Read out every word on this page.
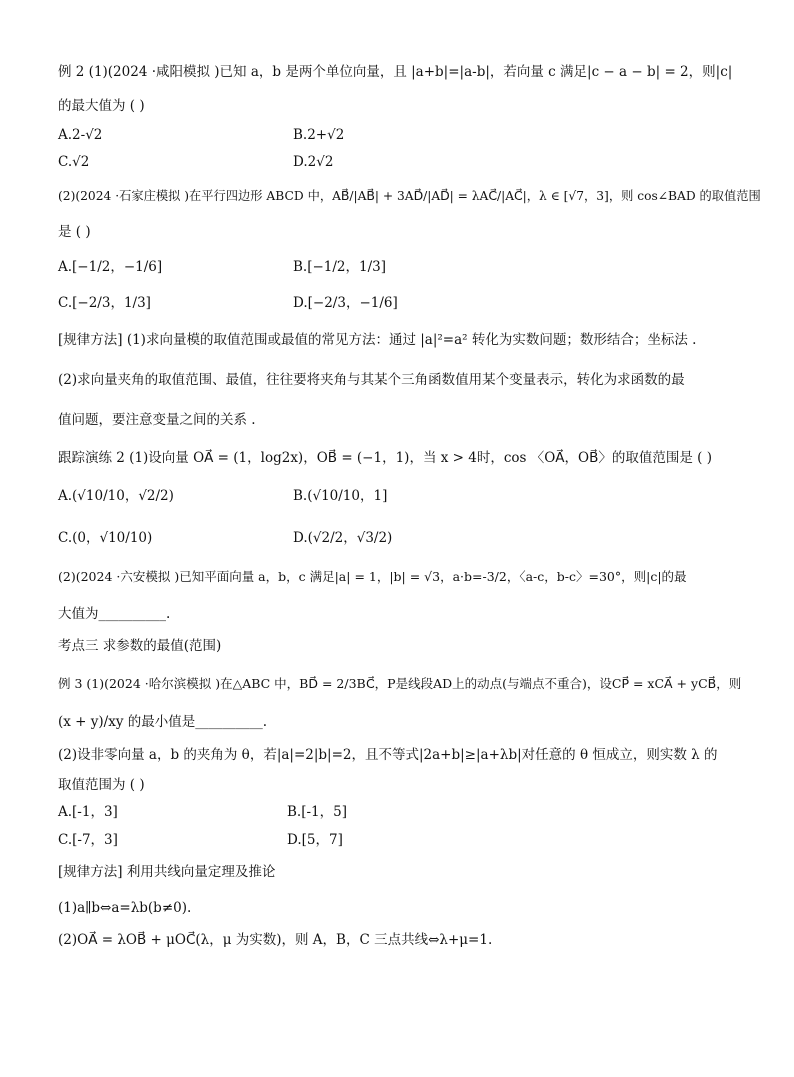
例 2 (1)(2024 ·咸阳模拟 )已知 a，b 是两个单位向量，且 |a+b|=|a-b|，若向量 c 满足|c − a − b| = 2，则|c|
的最大值为 ( )
A.2-√2	B.2+√2
C.√2	D.2√2
(2)(2024 ·石家庄模拟 )在平行四边形 ABCD 中，AB⃗/|AB⃗| + 3AD⃗/|AD⃗| = λAC⃗/|AC⃗|，λ ∈ [√7，3]，则 cos∠BAD 的取值范围
是 ( )
A.[−1/2，−1/6]	B.[−1/2，1/3]
C.[−2/3，1/3]	D.[−2/3，−1/6]
[规律方法] (1)求向量模的取值范围或最值的常见方法：通过 |a|²=a² 转化为实数问题；数形结合；坐标法 .
(2)求向量夹角的取值范围、最值，往往要将夹角与其某个三角函数值用某个变量表示，转化为求函数的最
值问题，要注意变量之间的关系 .
跟踪演练 2 (1)设向量 OA⃗ = (1，log2x)，OB⃗ = (−1，1)，当 x > 4时，cos 〈OA⃗，OB⃗〉的取值范围是 ( )
A.(√10/10，√2/2)	B.(√10/10，1]
C.(0，√10/10)	D.(√2/2，√3/2)
(2)(2024 ·六安模拟 )已知平面向量 a，b，c 满足|a| = 1，|b| = √3，a·b=-3/2，〈a-c，b-c〉=30°，则|c|的最
大值为__________.
考点三 求参数的最值(范围)
例 3 (1)(2024 ·哈尔滨模拟 )在△ABC 中，BD⃗ = 2/3BC⃗，P是线段AD上的动点(与端点不重合)，设CP⃗ = xCA⃗ + yCB⃗，则
(x + y)/xy 的最小值是__________.
(2)设非零向量 a，b 的夹角为 θ，若|a|=2|b|=2，且不等式|2a+b|≥|a+λb|对任意的 θ 恒成立，则实数 λ 的
取值范围为 ( )
A.[-1，3]	B.[-1，5]
C.[-7，3]	D.[5，7]
[规律方法] 利用共线向量定理及推论
(1)a∥b⇔a=λb(b≠0).
(2)OA⃗ = λOB⃗ + μOC⃗(λ，μ 为实数)，则 A，B，C 三点共线⇔λ+μ=1.
